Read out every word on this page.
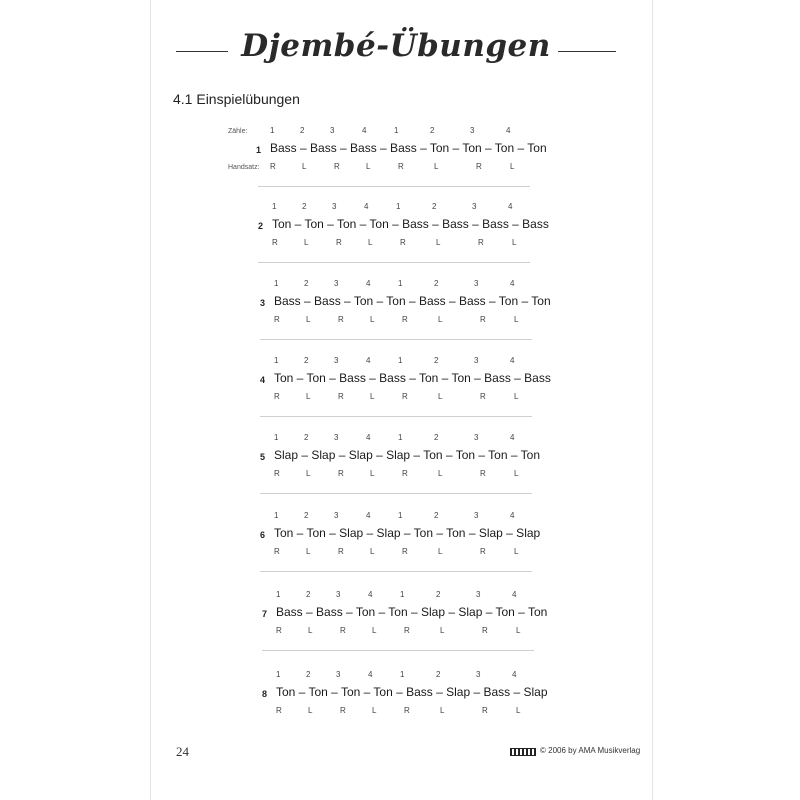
Djembé-Übungen
4.1 Einspielübungen
Zähle:	1	2	3	4	1	2	3	4
1 Bass – Bass – Bass – Bass – Ton – Ton – Ton – Ton
Handsatz: R	L	R	L	R	L	R	L
1	2	3	4	1	2	3	4
2 Ton – Ton – Ton – Ton – Bass – Bass – Bass – Bass
R	L	R	L	R	L	R	L
1	2	3	4	1	2	3	4
3 Bass – Bass – Ton – Ton – Bass – Bass – Ton – Ton
R	L	R	L	R	L	R	L
1	2	3	4	1	2	3	4
4 Ton – Ton – Bass – Bass – Ton – Ton – Bass – Bass
R	L	R	L	R	L	R	L
1	2	3	4	1	2	3	4
5 Slap – Slap – Slap – Slap – Ton – Ton – Ton – Ton
R	L	R	L	R	L	R	L
1	2	3	4	1	2	3	4
6 Ton – Ton – Slap – Slap – Ton – Ton – Slap – Slap
R	L	R	L	R	L	R	L
1	2	3	4	1	2	3	4
7 Bass – Bass – Ton – Ton – Slap – Slap – Ton – Ton
R	L	R	L	R	L	R	L
1	2	3	4	1	2	3	4
8 Ton – Ton – Ton – Ton – Bass – Slap – Bass – Slap
R	L	R	L	R	L	R	L
24	© 2006 by AMA Musikverlag
